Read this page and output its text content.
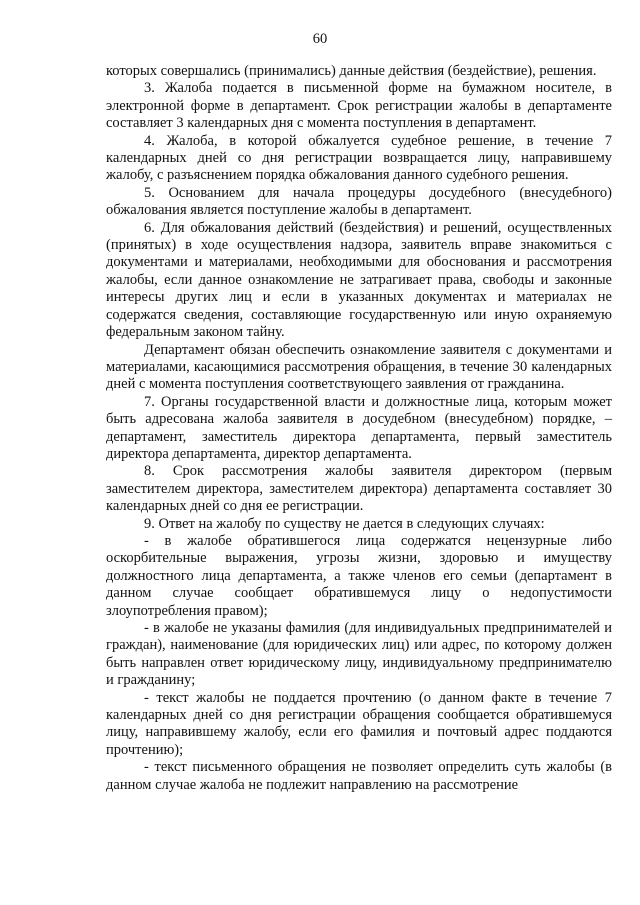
60

которых совершались (принимались) данные действия (бездействие), решения.

3. Жалоба подается в письменной форме на бумажном носителе, в электронной форме в департамент. Срок регистрации жалобы в департаменте составляет 3 календарных дня с момента поступления в департамент.

4. Жалоба, в которой обжалуется судебное решение, в течение 7 календарных дней со дня регистрации возвращается лицу, направившему жалобу, с разъяснением порядка обжалования данного судебного решения.

5. Основанием для начала процедуры досудебного (внесудебного) обжалования является поступление жалобы в департамент.

6. Для обжалования действий (бездействия) и решений, осуществленных (принятых) в ходе осуществления надзора, заявитель вправе знакомиться с документами и материалами, необходимыми для обоснования и рассмотрения жалобы, если данное ознакомление не затрагивает права, свободы и законные интересы других лиц и если в указанных документах и материалах не содержатся сведения, составляющие государственную или иную охраняемую федеральным законом тайну.

Департамент обязан обеспечить ознакомление заявителя с документами и материалами, касающимися рассмотрения обращения, в течение 30 календарных дней с момента поступления соответствующего заявления от гражданина.

7. Органы государственной власти и должностные лица, которым может быть адресована жалоба заявителя в досудебном (внесудебном) порядке, – департамент, заместитель директора департамента, первый заместитель директора департамента, директор департамента.

8. Срок рассмотрения жалобы заявителя директором (первым заместителем директора, заместителем директора) департамента составляет 30 календарных дней со дня ее регистрации.

9. Ответ на жалобу по существу не дается в следующих случаях:

- в жалобе обратившегося лица содержатся нецензурные либо оскорбительные выражения, угрозы жизни, здоровью и имуществу должностного лица департамента, а также членов его семьи (департамент в данном случае сообщает обратившемуся лицу о недопустимости злоупотребления правом);

- в жалобе не указаны фамилия (для индивидуальных предпринимателей и граждан), наименование (для юридических лиц) или адрес, по которому должен быть направлен ответ юридическому лицу, индивидуальному предпринимателю и гражданину;

- текст жалобы не поддается прочтению (о данном факте в течение 7 календарных дней со дня регистрации обращения сообщается обратившемуся лицу, направившему жалобу, если его фамилия и почтовый адрес поддаются прочтению);

- текст письменного обращения не позволяет определить суть жалобы (в данном случае жалоба не подлежит направлению на рассмотрение
